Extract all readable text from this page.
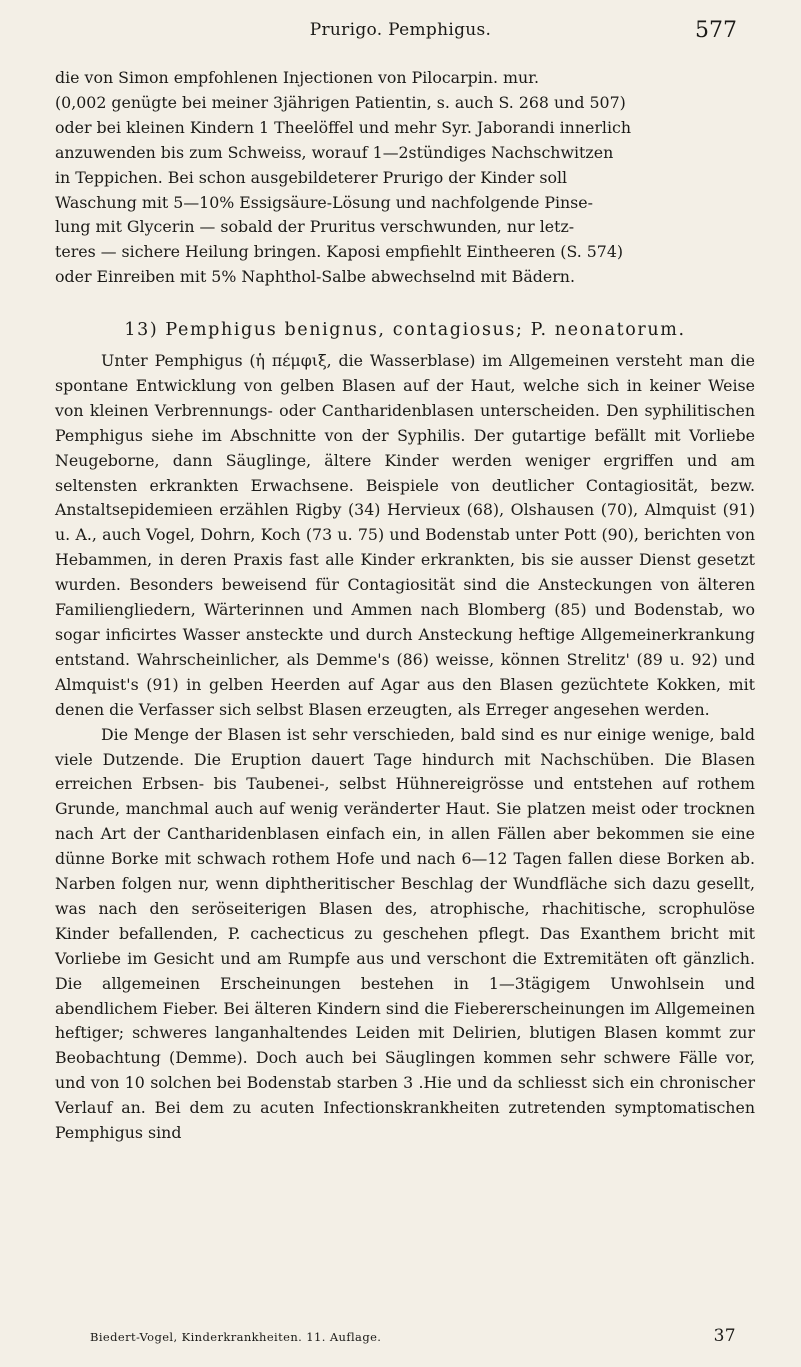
Prurigo. Pemphigus.	577

die von Simon empfohlenen Injectionen von Pilocarpin. mur.

(0,002 genügte bei meiner 3jährigen Patientin, s. auch S. 268 und 507)

oder bei kleinen Kindern 1 Theelöffel und mehr Syr. Jaborandi innerlich

anzuwenden bis zum Schweiss, worauf 1—2stündiges Nachschwitzen

in Teppichen. Bei schon ausgebildeterer Prurigo der Kinder soll

Waschung mit 5—10% Essigsäure-Lösung und nachfolgende Pinse-

lung mit Glycerin — sobald der Pruritus verschwunden, nur letz-

teres — sichere Heilung bringen. Kaposi empfiehlt Eintheeren (S. 574)

oder Einreiben mit 5% Naphthol-Salbe abwechselnd mit Bädern.

13) Pemphigus benignus, contagiosus; P. neonatorum.

Unter Pemphigus (ἡ πέμφιξ, die Wasserblase) im Allgemeinen versteht man die spontane Entwicklung von gelben Blasen auf der Haut, welche sich in keiner Weise von kleinen Verbrennungs- oder Cantharidenblasen unterscheiden. Den syphilitischen Pemphigus siehe im Abschnitte von der Syphilis. Der gutartige befällt mit Vorliebe Neugeborne, dann Säuglinge, ältere Kinder werden weniger ergriffen und am seltensten erkrankten Erwachsene. Beispiele von deutlicher Contagiosität, bezw. Anstaltsepidemieen erzählen Rigby (34) Hervieux (68), Olshausen (70), Almquist (91) u. A., auch Vogel, Dohrn, Koch (73 u. 75) und Bodenstab unter Pott (90), berichten von Hebammen, in deren Praxis fast alle Kinder erkrankten, bis sie ausser Dienst gesetzt wurden. Besonders beweisend für Contagiosität sind die Ansteckungen von älteren Familiengliedern, Wärterinnen und Ammen nach Blomberg (85) und Bodenstab, wo sogar inficirtes Wasser ansteckte und durch Ansteckung heftige Allgemeinerkrankung entstand. Wahrscheinlicher, als Demme's (86) weisse, können Strelitz' (89 u. 92) und Almquist's (91) in gelben Heerden auf Agar aus den Blasen gezüchtete Kokken, mit denen die Verfasser sich selbst Blasen erzeugten, als Erreger angesehen werden.

Die Menge der Blasen ist sehr verschieden, bald sind es nur einige wenige, bald viele Dutzende. Die Eruption dauert Tage hindurch mit Nachschüben. Die Blasen erreichen Erbsen- bis Taubenei-, selbst Hühnereigrösse und entstehen auf rothem Grunde, manchmal auch auf wenig veränderter Haut. Sie platzen meist oder trocknen nach Art der Cantharidenblasen einfach ein, in allen Fällen aber bekommen sie eine dünne Borke mit schwach rothem Hofe und nach 6—12 Tagen fallen diese Borken ab. Narben folgen nur, wenn diphtheritischer Beschlag der Wundfläche sich dazu gesellt, was nach den seröseiterigen Blasen des, atrophische, rhachitische, scrophulöse Kinder befallenden, P. cachecticus zu geschehen pflegt. Das Exanthem bricht mit Vorliebe im Gesicht und am Rumpfe aus und verschont die Extremitäten oft gänzlich. Die allgemeinen Erscheinungen bestehen in 1—3tägigem Unwohlsein und abendlichem Fieber. Bei älteren Kindern sind die Fiebererscheinungen im Allgemeinen heftiger; schweres langanhaltendes Leiden mit Delirien, blutigen Blasen kommt zur Beobachtung (Demme). Doch auch bei Säuglingen kommen sehr schwere Fälle vor, und von 10 solchen bei Bodenstab starben 3 .Hie und da schliesst sich ein chronischer Verlauf an. Bei dem zu acuten Infectionskrankheiten zutretenden symptomatischen Pemphigus sind

Biedert-Vogel, Kinderkrankheiten. 11. Auflage.	37
